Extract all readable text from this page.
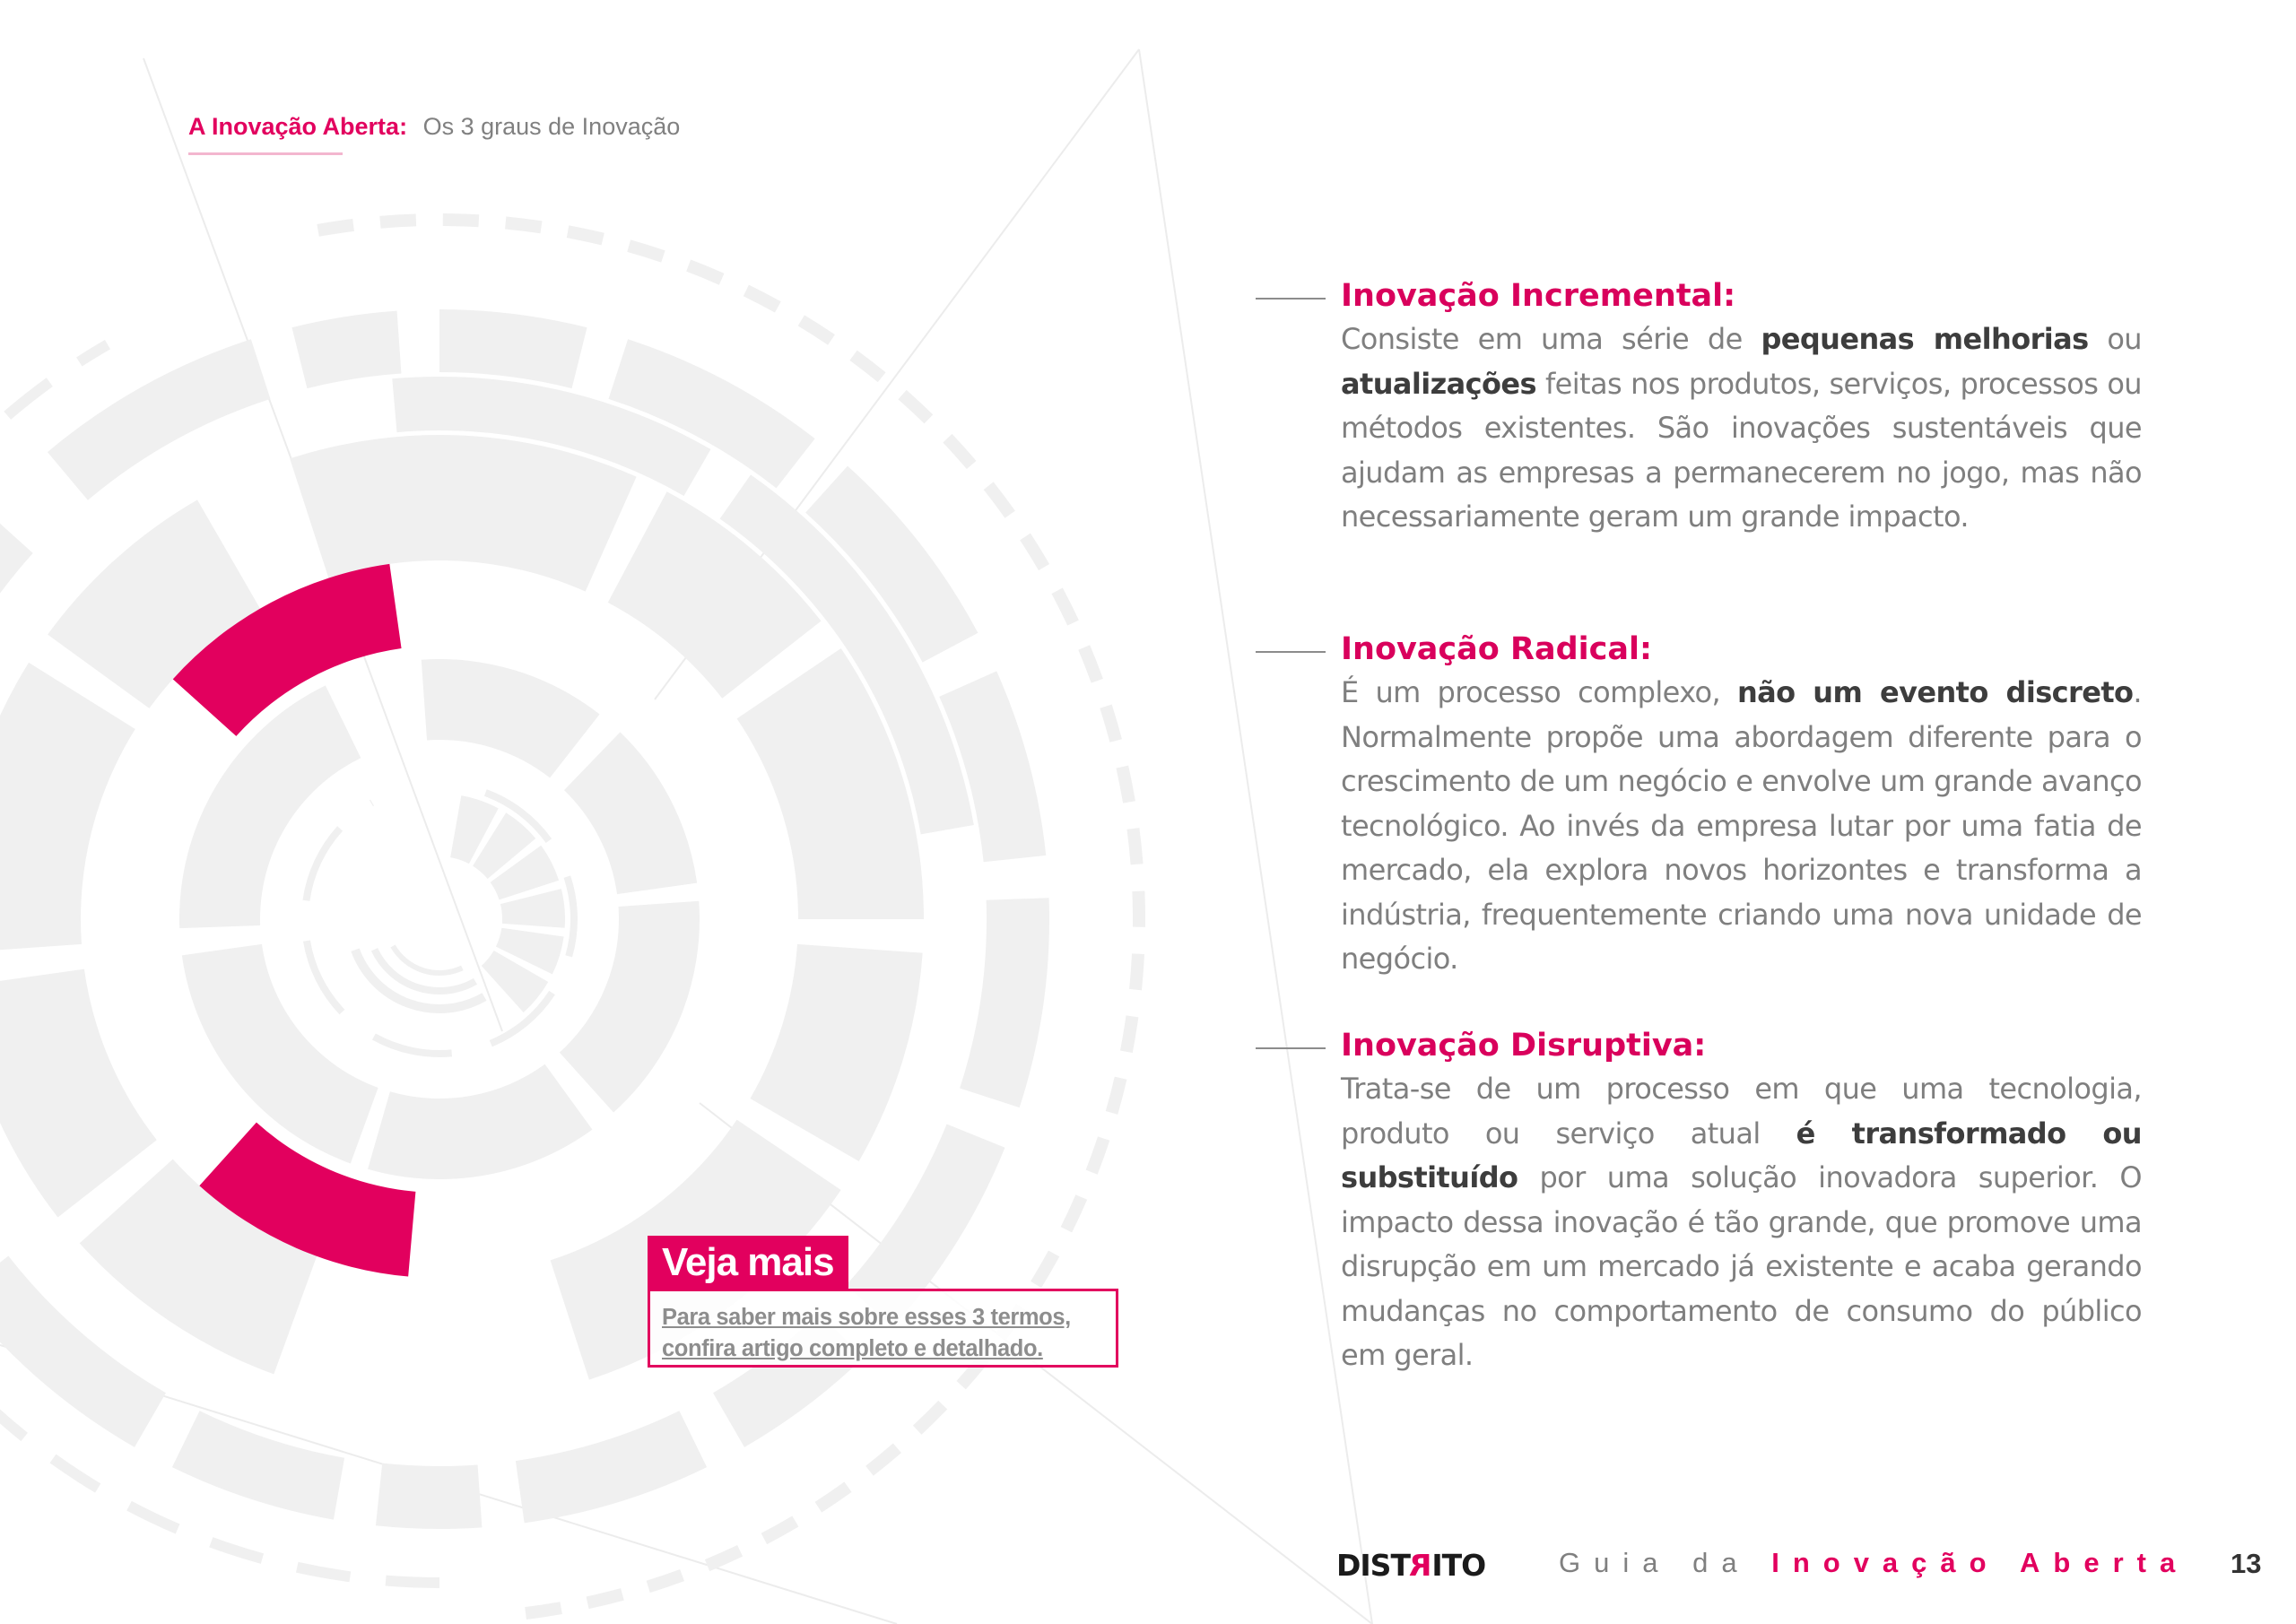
A Inovação Aberta: Os 3 graus de Inovação
Inovação Incremental:

Consiste em uma série de pequenas melhorias ou atualizações feitas nos produtos, serviços, processos ou métodos existentes. São inovações sustentáveis que ajudam as empresas a permanecerem no jogo, mas não necessariamente geram um grande impacto.

Inovação Radical:

É um processo complexo, não um evento discreto. Normalmente propõe uma abordagem diferente para o crescimento de um negócio e envolve um grande avanço tecnológico. Ao invés da empresa lutar por uma fatia de mercado, ela explora novos horizontes e transforma a indústria, frequentemente criando uma nova unidade de negócio.

Inovação Disruptiva:

Trata-se de um processo em que uma tecnologia, produto ou serviço atual é transformado ou substituído por uma solução inovadora superior. O impacto dessa inovação é tão grande, que promove uma disrupção em um mercado já existente e acaba gerando mudanças no comportamento de consumo do público em geral.

Veja mais
Para saber mais sobre esses 3 termos,
confira artigo completo e detalhado.
DISTRITO	Guia da Inovação Aberta 13
